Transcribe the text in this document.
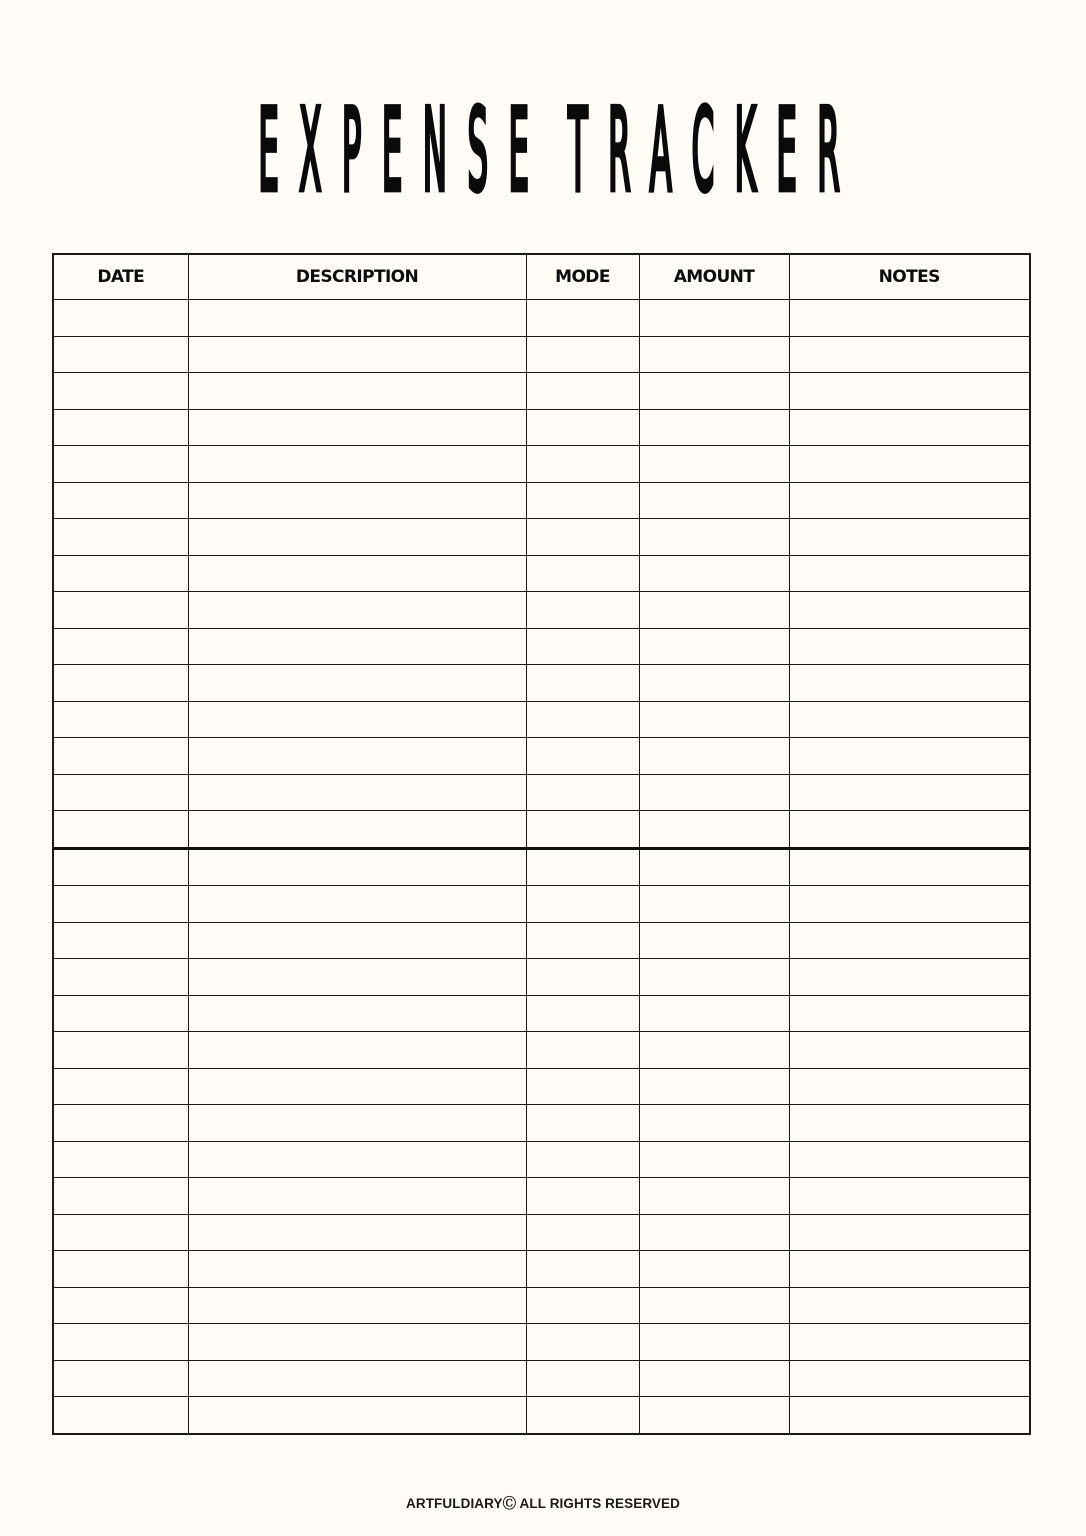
EXPENSE TRACKER
DATE	DESCRIPTION	MODE	AMOUNT	NOTES

ARTFULDIARYⒸ ALL RIGHTS RESERVED
